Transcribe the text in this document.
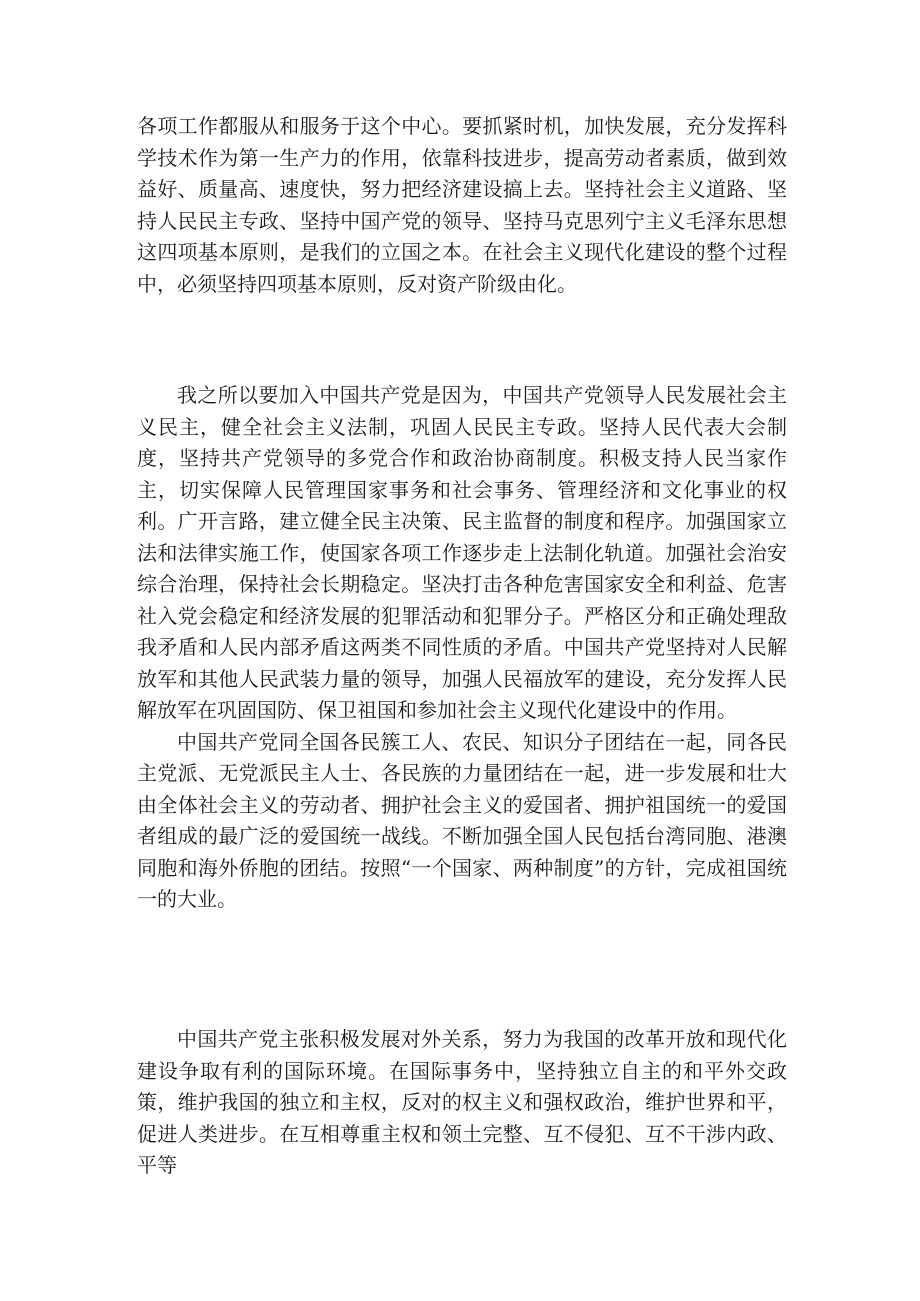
各项工作都服从和服务于这个中心。要抓紧时机，加快发展，充分发挥科学技术作为第一生产力的作用，依靠科技进步，提高劳动者素质，做到效益好、质量高、速度快，努力把经济建设搞上去。坚持社会主义道路、坚持人民民主专政、坚持中国产党的领导、坚持马克思列宁主义毛泽东思想这四项基本原则，是我们的立国之本。在社会主义现代化建设的整个过程中，必须坚持四项基本原则，反对资产阶级由化。

我之所以要加入中国共产党是因为，中国共产党领导人民发展社会主义民主，健全社会主义法制，巩固人民民主专政。坚持人民代表大会制度，坚持共产党领导的多党合作和政治协商制度。积极支持人民当家作主，切实保障人民管理国家事务和社会事务、管理经济和文化事业的权利。广开言路，建立健全民主决策、民主监督的制度和程序。加强国家立法和法律实施工作，使国家各项工作逐步走上法制化轨道。加强社会治安综合治理，保持社会长期稳定。坚决打击各种危害国家安全和利益、危害社入党会稳定和经济发展的犯罪活动和犯罪分子。严格区分和正确处理敌我矛盾和人民内部矛盾这两类不同性质的矛盾。中国共产党坚持对人民解放军和其他人民武装力量的领导，加强人民福放军的建设，充分发挥人民解放军在巩固国防、保卫祖国和参加社会主义现代化建设中的作用。

中国共产党同全国各民簇工人、农民、知识分子团结在一起，同各民主党派、无党派民主人士、各民族的力量团结在一起，进一步发展和壮大由全体社会主义的劳动者、拥护社会主义的爱国者、拥护祖国统一的爱国者组成的最广泛的爱国统一战线。不断加强全国人民包括台湾同胞、港澳同胞和海外侨胞的团结。按照“一个国家、两种制度”的方针，完成祖国统一的大业。

中国共产党主张积极发展对外关系，努力为我国的改革开放和现代化建设争取有利的国际环境。在国际事务中，坚持独立自主的和平外交政策，维护我国的独立和主权，反对的权主义和强权政治，维护世界和平，促进人类进步。在互相尊重主权和领土完整、互不侵犯、互不干涉内政、平等
